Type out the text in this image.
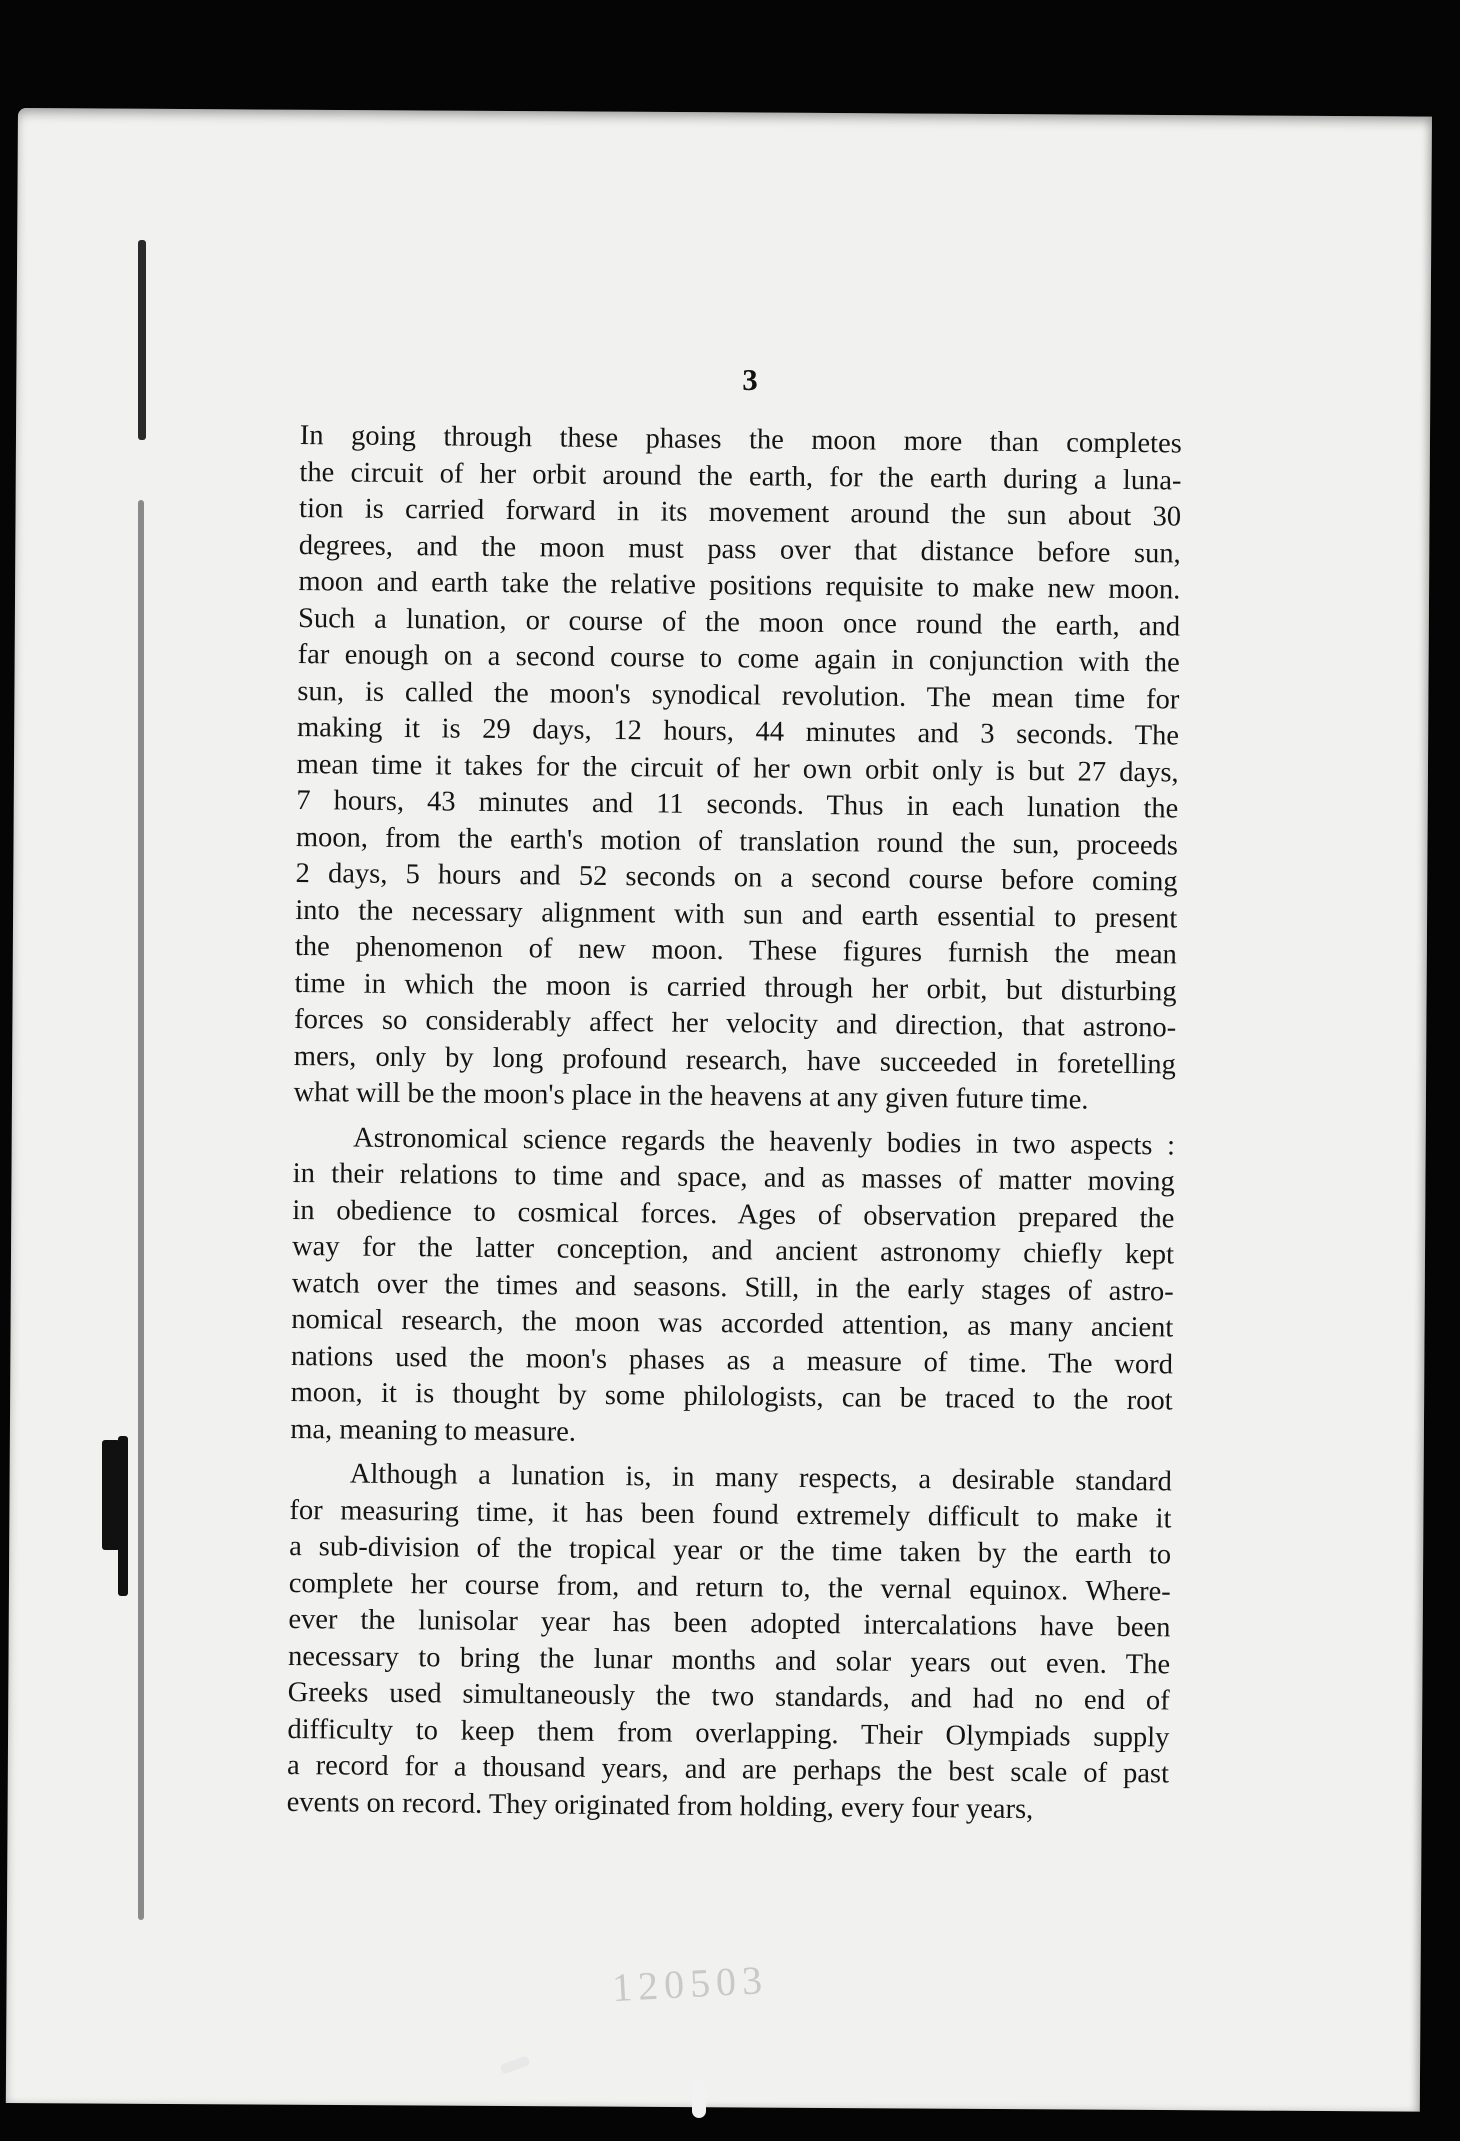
3
In going through these phases the moon more than completes
the circuit of her orbit around the earth, for the earth during a luna-
tion is carried forward in its movement around the sun about 30
degrees, and the moon must pass over that distance before sun,
moon and earth take the relative positions requisite to make new moon.
Such a lunation, or course of the moon once round the earth, and
far enough on a second course to come again in conjunction with the
sun, is called the moon's synodical revolution. The mean time for
making it is 29 days, 12 hours, 44 minutes and 3 seconds. The
mean time it takes for the circuit of her own orbit only is but 27 days,
7 hours, 43 minutes and 11 seconds. Thus in each lunation the
moon, from the earth's motion of translation round the sun, proceeds
2 days, 5 hours and 52 seconds on a second course before coming
into the necessary alignment with sun and earth essential to present
the phenomenon of new moon. These figures furnish the mean
time in which the moon is carried through her orbit, but disturbing
forces so considerably affect her velocity and direction, that astrono-
mers, only by long profound research, have succeeded in foretelling
what will be the moon's place in the heavens at any given future time.
Astronomical science regards the heavenly bodies in two aspects :
in their relations to time and space, and as masses of matter moving
in obedience to cosmical forces. Ages of observation prepared the
way for the latter conception, and ancient astronomy chiefly kept
watch over the times and seasons. Still, in the early stages of astro-
nomical research, the moon was accorded attention, as many ancient
nations used the moon's phases as a measure of time. The word
moon, it is thought by some philologists, can be traced to the root
ma, meaning to measure.
Although a lunation is, in many respects, a desirable standard
for measuring time, it has been found extremely difficult to make it
a sub-division of the tropical year or the time taken by the earth to
complete her course from, and return to, the vernal equinox. Where-
ever the lunisolar year has been adopted intercalations have been
necessary to bring the lunar months and solar years out even. The
Greeks used simultaneously the two standards, and had no end of
difficulty to keep them from overlapping. Their Olympiads supply
a record for a thousand years, and are perhaps the best scale of past
events on record. They originated from holding, every four years,
120503
